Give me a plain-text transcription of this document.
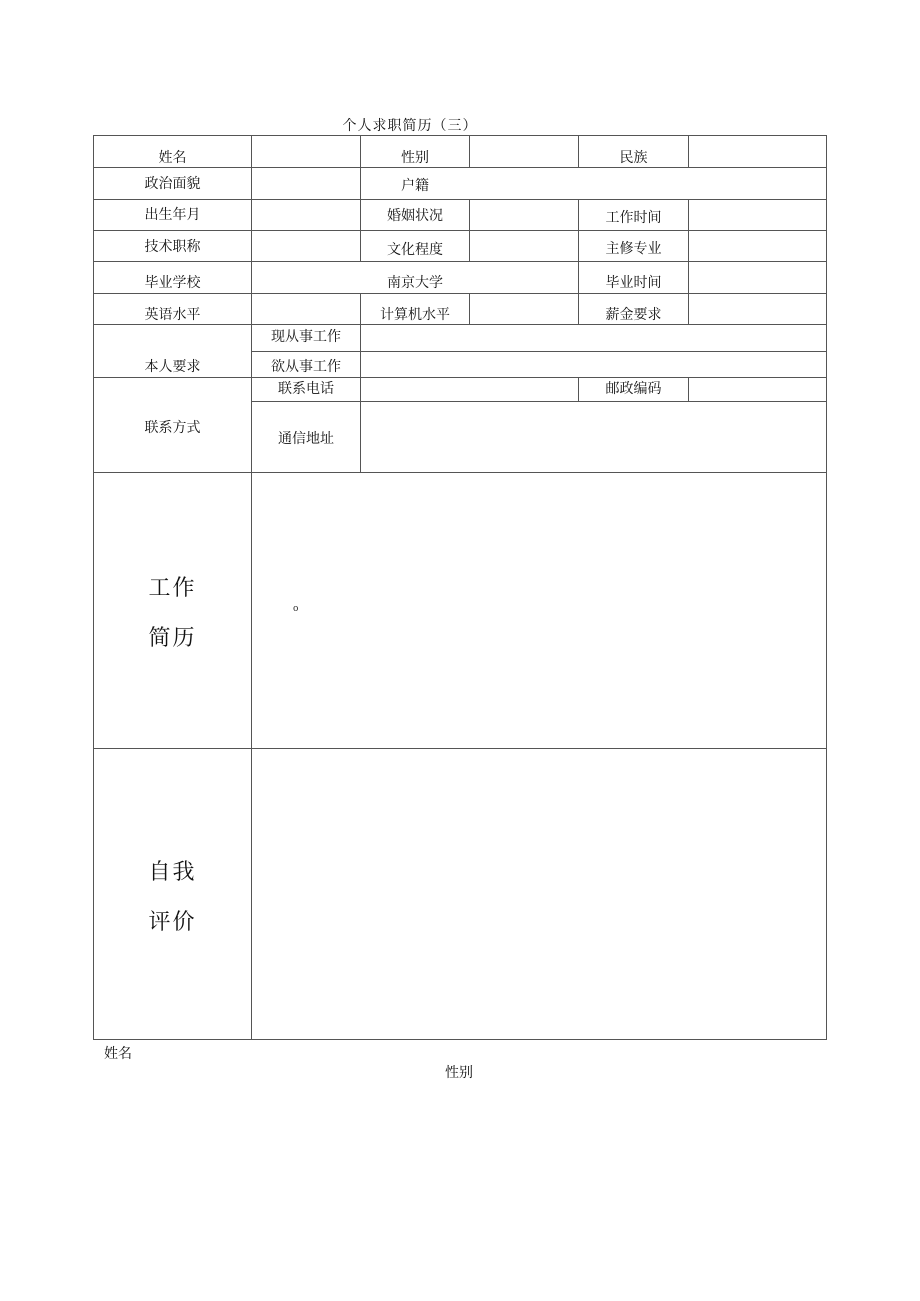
个人求职简历（三）
姓名	性别	民族
政治面貌	户籍
出生年月	婚姻状况	工作时间
技术职称	文化程度	主修专业
毕业学校	南京大学	毕业时间
英语水平	计算机水平	薪金要求
本人要求
现从事工作
欲从事工作
联系方式
联系电话	邮政编码
通信地址
工作
简历
o
自我
评价
姓名
性别
